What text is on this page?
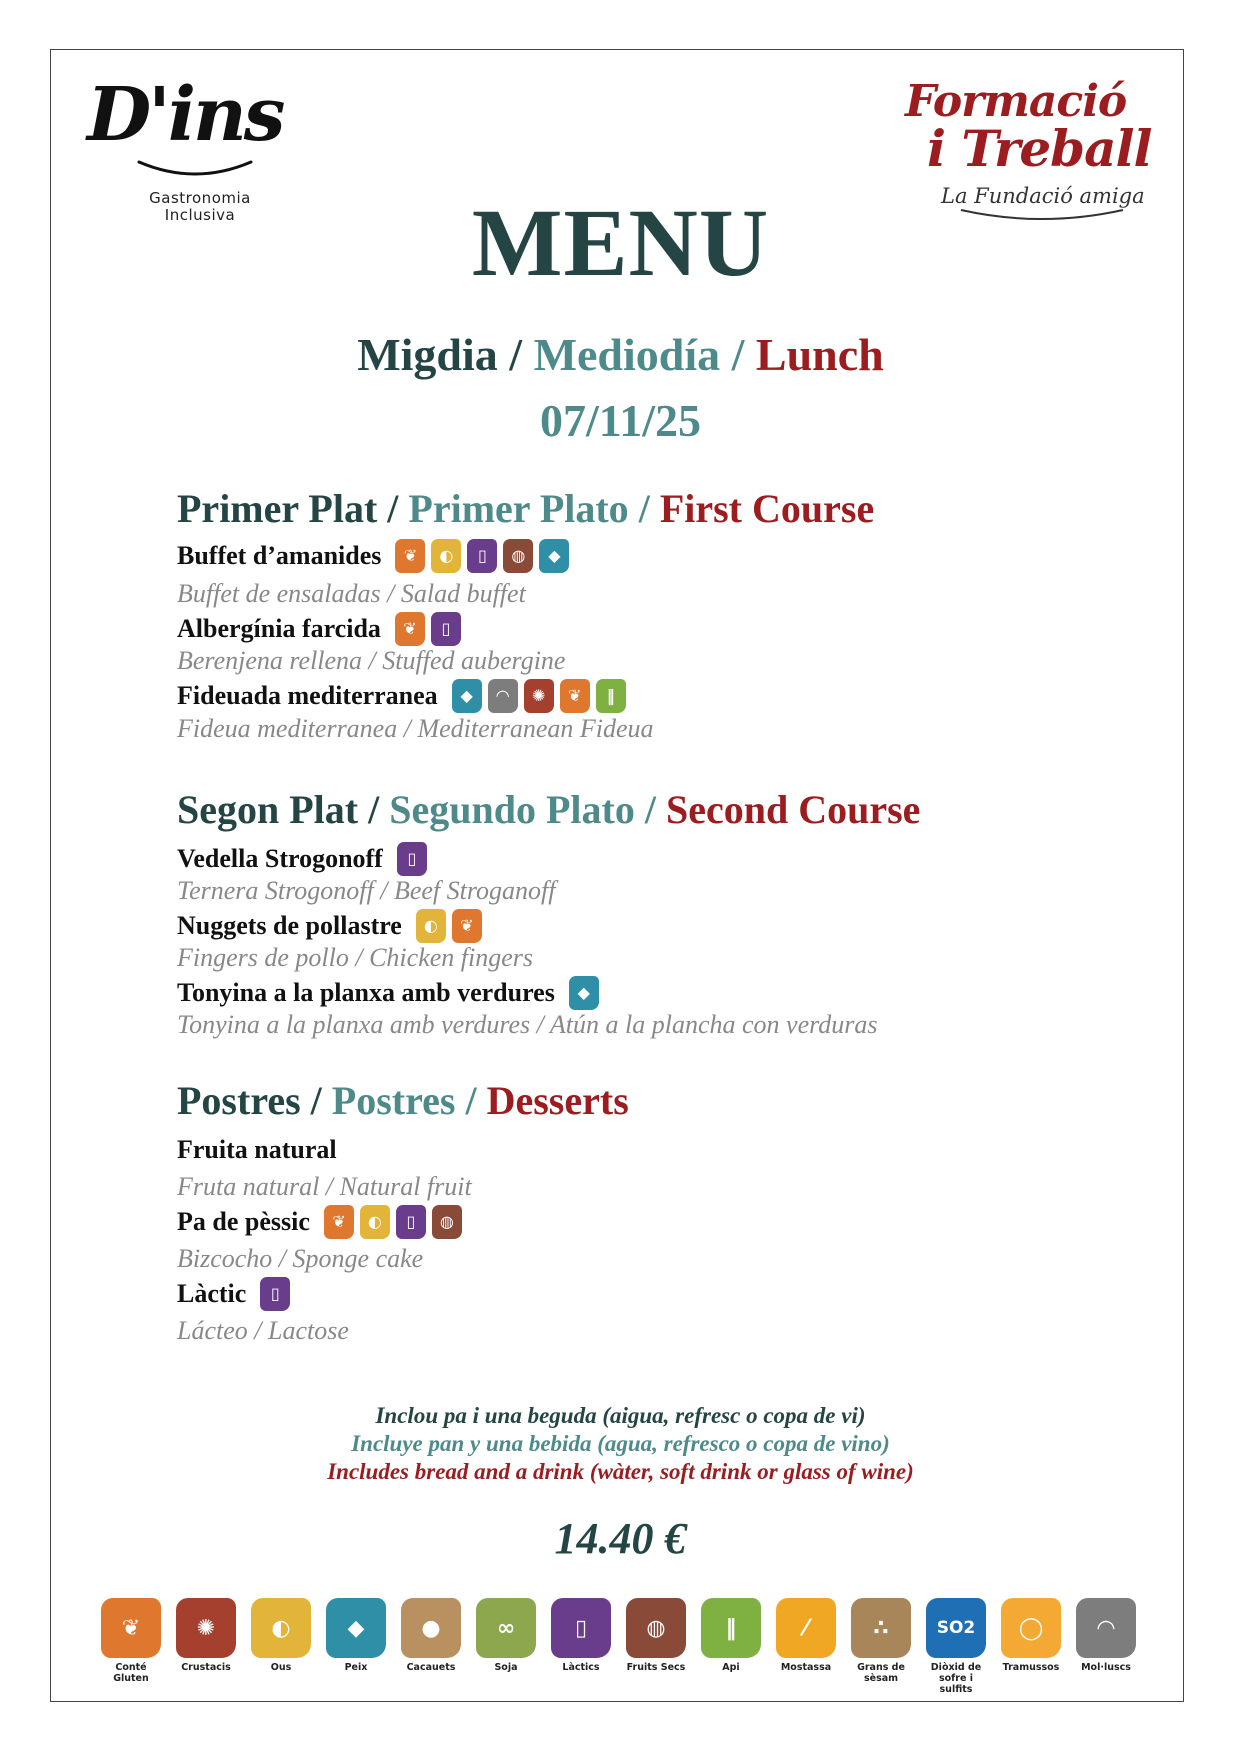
D'ins
Gastronomia
Inclusiva
Formació
i Treball
La Fundació amiga
MENU
Migdia / Mediodía / Lunch
07/11/25
Primer Plat / Primer Plato / First Course
Buffet d’amanides	❦	◐	▯	◍	◆
Buffet de ensaladas / Salad buffet
Albergínia farcida	❦	▯
Berenjena rellena / Stuffed aubergine
Fideuada mediterranea	◆	◠	✺	❦	‖
Fideua mediterranea / Mediterranean Fideua
Segon Plat / Segundo Plato / Second Course
Vedella Strogonoff	▯
Ternera Strogonoff / Beef Stroganoff
Nuggets de pollastre	◐	❦
Fingers de pollo / Chicken fingers
Tonyina a la planxa amb verdures	◆
Tonyina a la planxa amb verdures / Atún a la plancha con verduras
Postres / Postres / Desserts
Fruita natural
Fruta natural / Natural fruit
Pa de pèssic	❦	◐	▯	◍
Bizcocho / Sponge cake
Làctic	▯
Lácteo / Lactose
Inclou pa i una beguda (aigua, refresc o copa de vi)
Incluye pan y una bebida (agua, refresco o copa de vino)
Includes bread and a drink (wàter, soft drink or glass of wine)
14.40 €
❦
Conté Gluten
✺
Crustacis
◐
Ous
◆
Peix
●
Cacauets
∞
Soja
▯
Làctics
◍
Fruits Secs
‖
Api
⁄
Mostassa
∴
Grans de sèsam
SO2
Diòxid de sofre i sulfits
◯
Tramussos
◠
Mol·luscs
